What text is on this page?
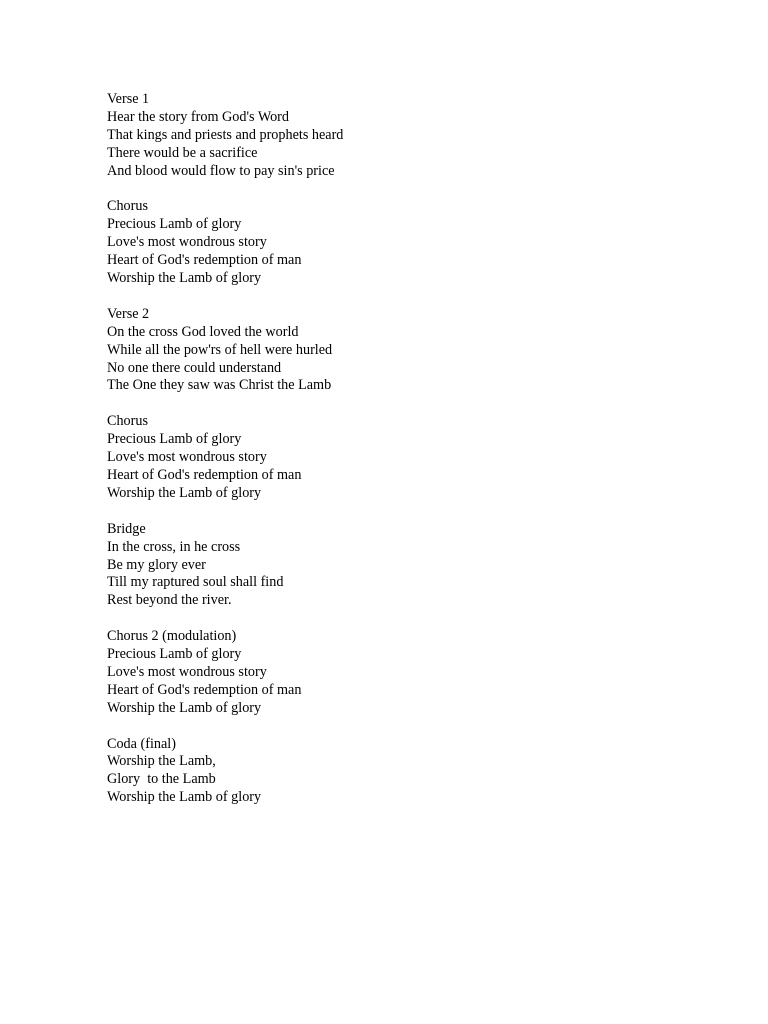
Verse 1
Hear the story from God's Word
That kings and priests and prophets heard
There would be a sacrifice
And blood would flow to pay sin's price
Chorus
Precious Lamb of glory
Love's most wondrous story
Heart of God's redemption of man
Worship the Lamb of glory
Verse 2
On the cross God loved the world
While all the pow'rs of hell were hurled
No one there could understand
The One they saw was Christ the Lamb
Chorus
Precious Lamb of glory
Love's most wondrous story
Heart of God's redemption of man
Worship the Lamb of glory
Bridge
In the cross, in he cross
Be my glory ever
Till my raptured soul shall find
Rest beyond the river.
Chorus 2 (modulation)
Precious Lamb of glory
Love's most wondrous story
Heart of God's redemption of man
Worship the Lamb of glory
Coda (final)
Worship the Lamb,
Glory  to the Lamb
Worship the Lamb of glory
